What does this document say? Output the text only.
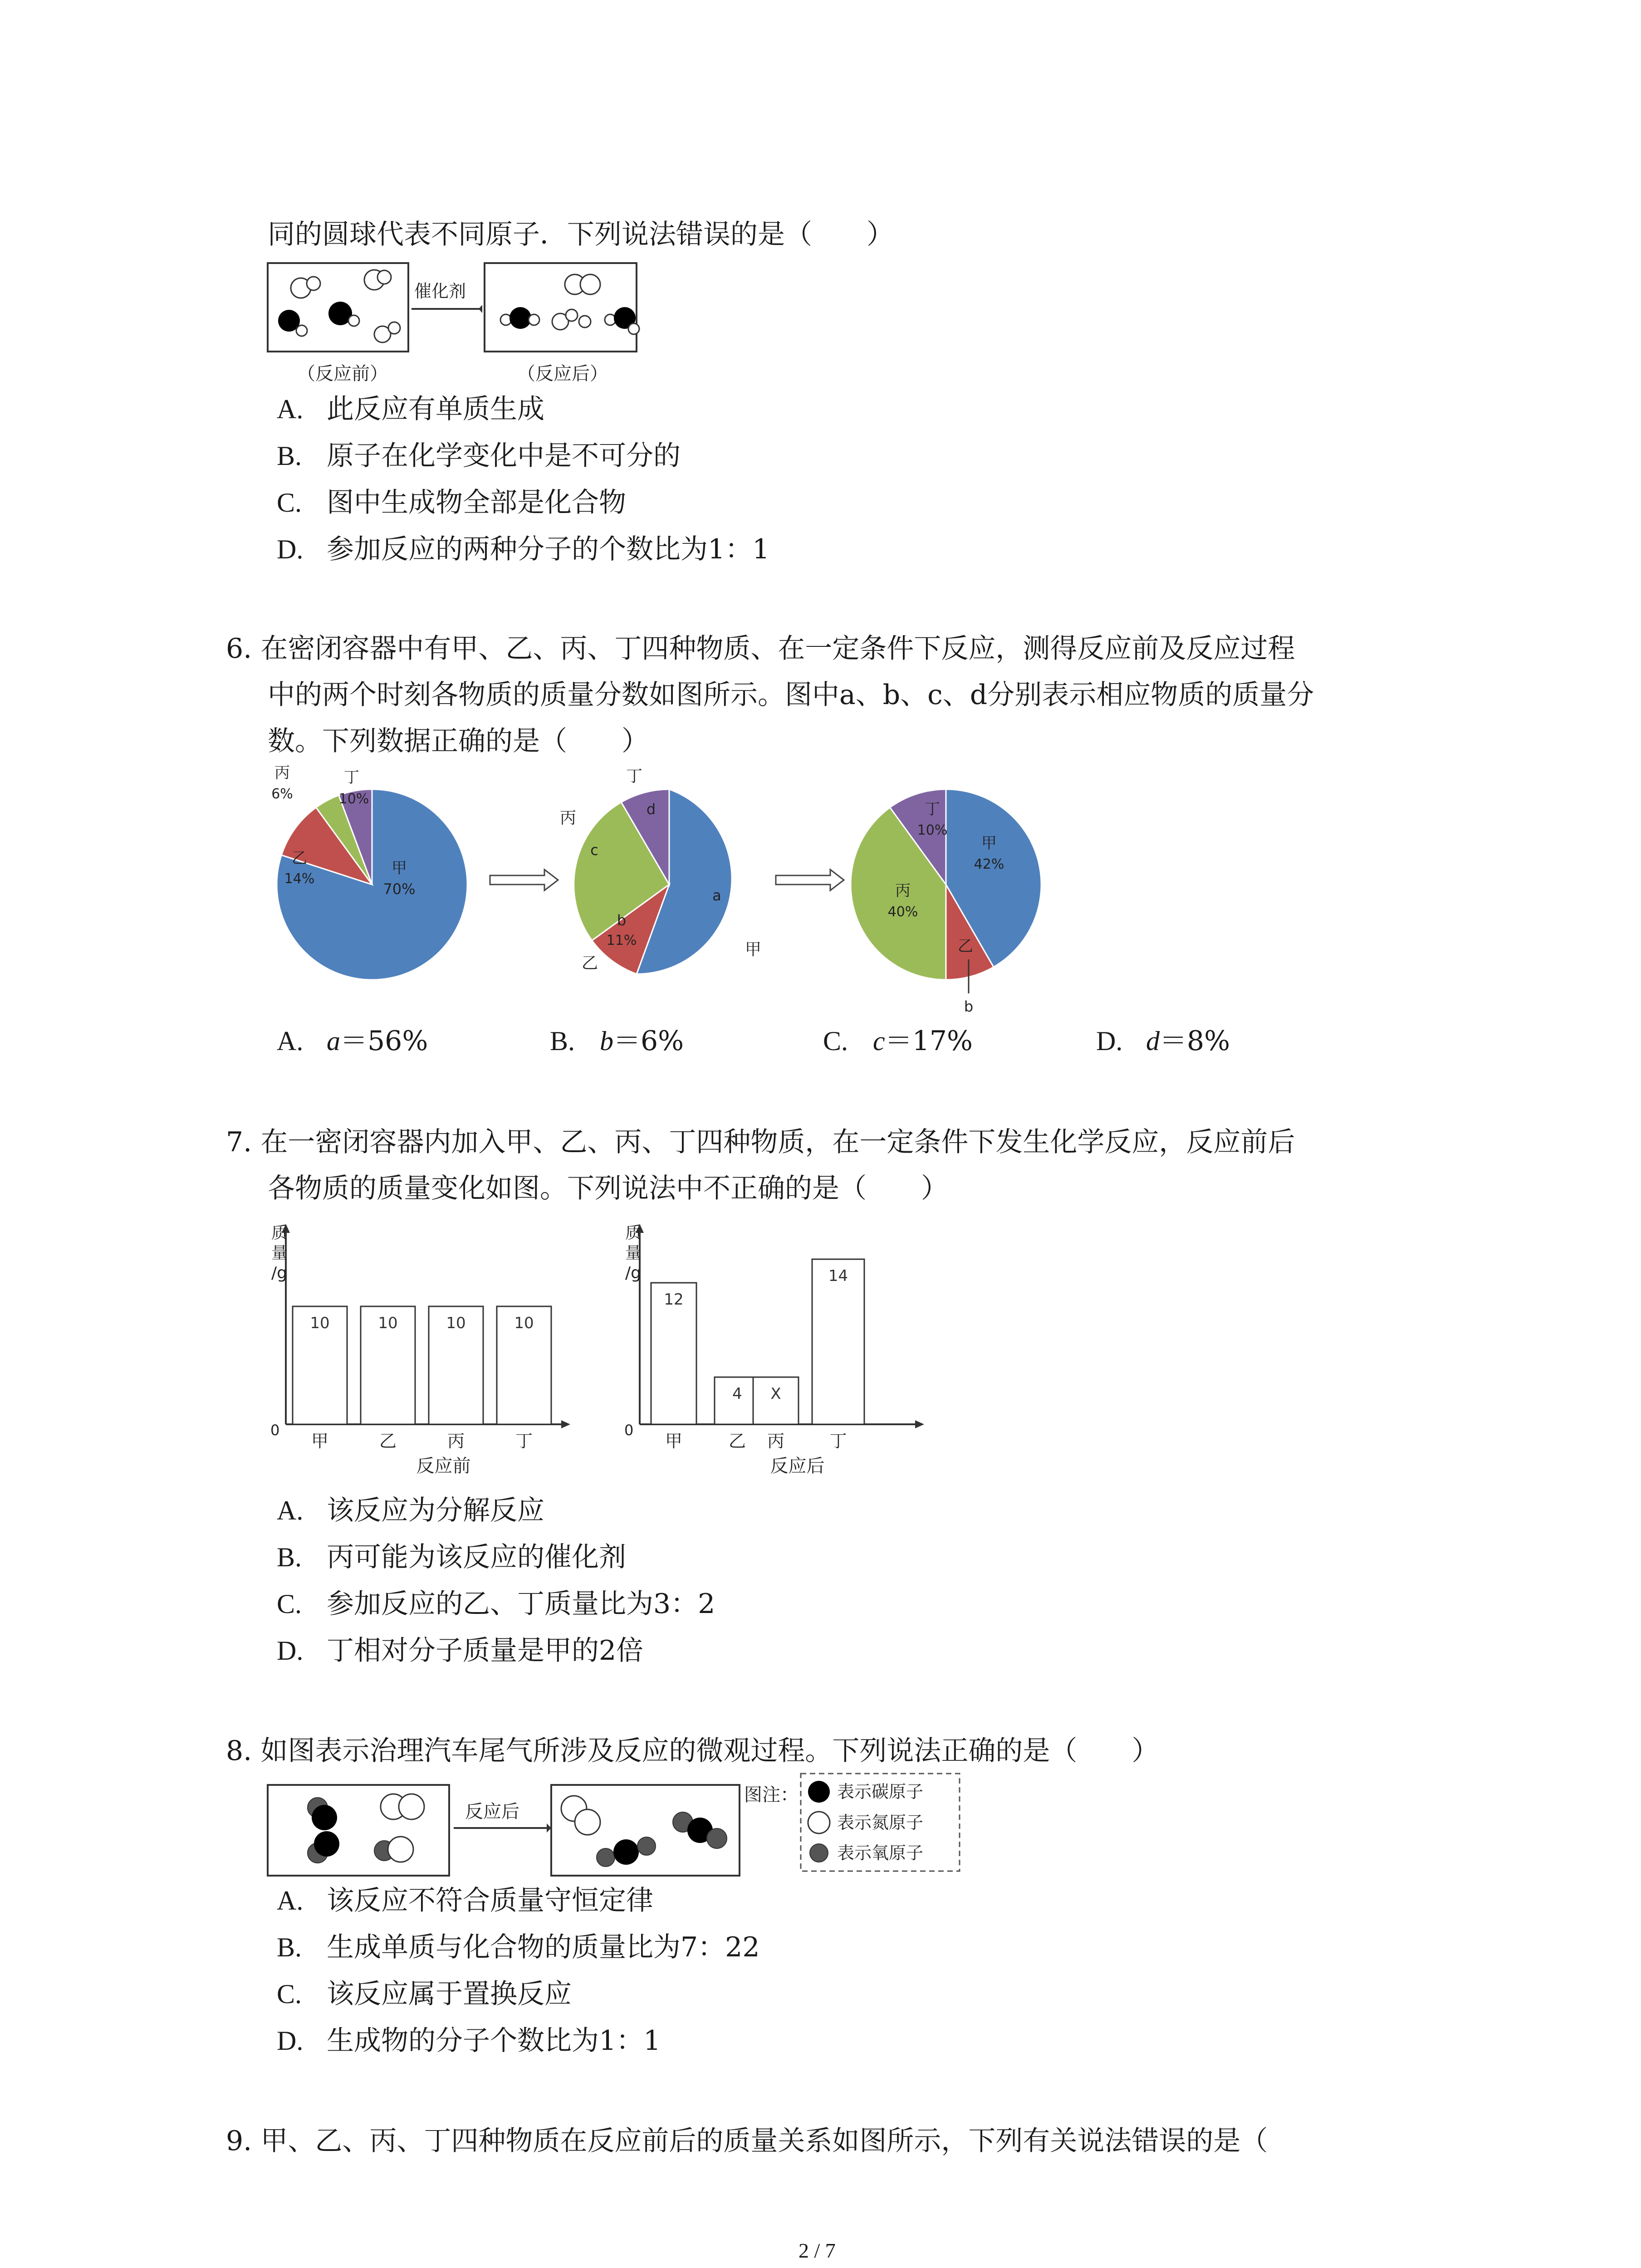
同的圆球代表不同原子．下列说法错误的是（　　）
催化剂
（反应前）	（反应后）
A. 此反应有单质生成
B. 原子在化学变化中是不可分的
C. 图中生成物全部是化合物
D. 参加反应的两种分子的个数比为1：1
6. 在密闭容器中有甲、乙、丙、丁四种物质、在一定条件下反应，测得反应前及反应过程
中的两个时刻各物质的质量分数如图所示。图中a、b、c、d分别表示相应物质的质量分
数。下列数据正确的是（　　）
甲
70%
乙
14%
丙
6%
丁
10%
a
甲
b
11%
乙
c
丙	d
丁
甲
42%
丙
40%
丁
10%
乙
b
A. a＝56%	B. b＝6%	C. c＝17%	D. d＝8%
7. 在一密闭容器内加入甲、乙、丙、丁四种物质，在一定条件下发生化学反应，反应前后
各物质的质量变化如图。下列说法中不正确的是（　　）
质
量
/g
0
10
甲
10
乙
10
丙
10
丁
反应前
质
量
/g
0
12
甲
4
乙
X
丙
14
丁
反应后
A. 该反应为分解反应
B. 丙可能为该反应的催化剂
C. 参加反应的乙、丁质量比为3：2
D. 丁相对分子质量是甲的2倍
8. 如图表示治理汽车尾气所涉及反应的微观过程。下列说法正确的是（　　）
反应后
图注： 表示碳原子
表示氮原子
表示氧原子
A. 该反应不符合质量守恒定律
B. 生成单质与化合物的质量比为7：22
C. 该反应属于置换反应
D. 生成物的分子个数比为1：1
9. 甲、乙、丙、丁四种物质在反应前后的质量关系如图所示，下列有关说法错误的是（
2 / 7
